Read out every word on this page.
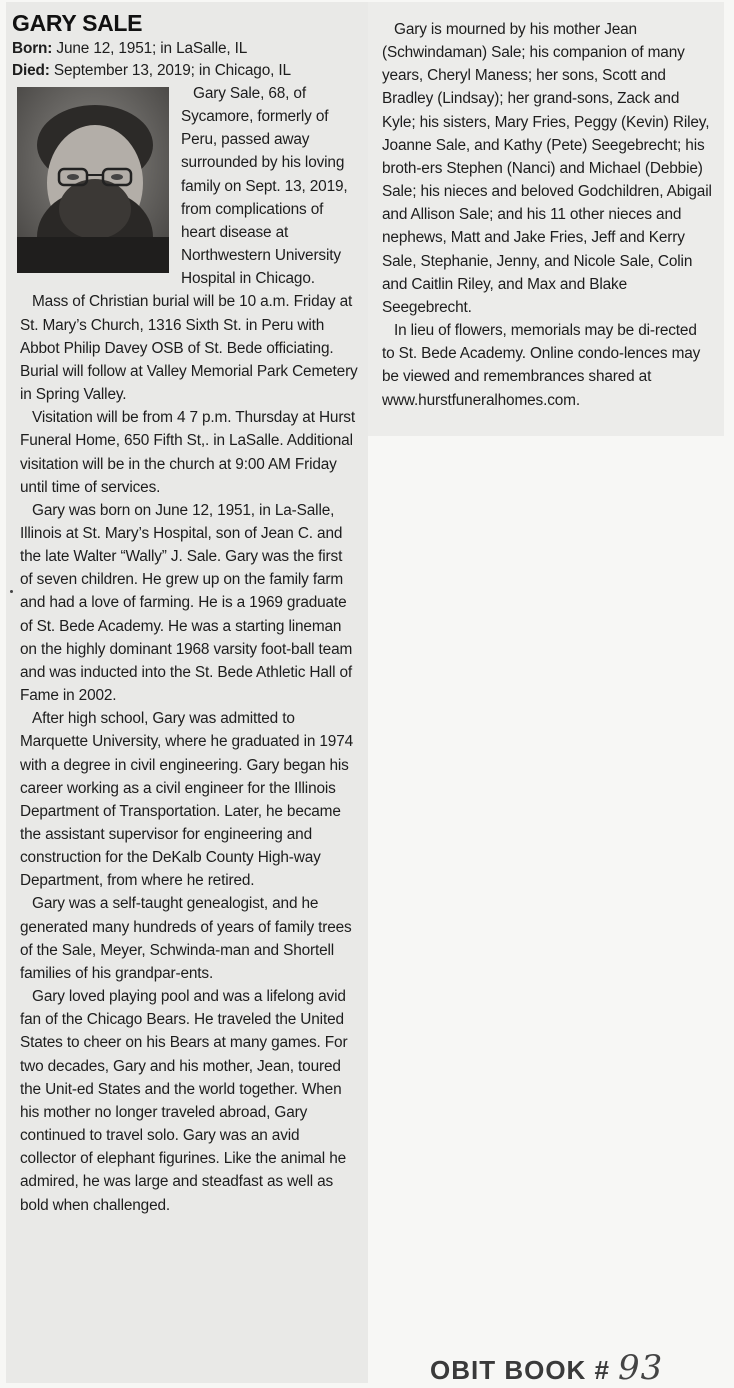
GARY SALE
Born: June 12, 1951; in LaSalle, IL
Died: September 13, 2019; in Chicago, IL

Gary Sale, 68, of Sycamore, formerly of Peru, passed away surrounded by his loving family on Sept. 13, 2019, from complications of heart disease at Northwestern University Hospital in Chicago.

Mass of Christian burial will be 10 a.m. Friday at St. Mary’s Church, 1316 Sixth St. in Peru with Abbot Philip Davey OSB of St. Bede officiating. Burial will follow at Valley Memorial Park Cemetery in Spring Valley.

Visitation will be from 4 7 p.m. Thursday at Hurst Funeral Home, 650 Fifth St,. in LaSalle. Additional visitation will be in the church at 9:00 AM Friday until time of services.

Gary was born on June 12, 1951, in La-Salle, Illinois at St. Mary’s Hospital, son of Jean C. and the late Walter “Wally” J. Sale. Gary was the first of seven children. He grew up on the family farm and had a love of farming. He is a 1969 graduate of St. Bede Academy. He was a starting lineman on the highly dominant 1968 varsity foot-ball team and was inducted into the St. Bede Athletic Hall of Fame in 2002.

After high school, Gary was admitted to Marquette University, where he graduated in 1974 with a degree in civil engineering. Gary began his career working as a civil engineer for the Illinois Department of Transportation. Later, he became the assistant supervisor for engineering and construction for the DeKalb County High-way Department, from where he retired.

Gary was a self-taught genealogist, and he generated many hundreds of years of family trees of the Sale, Meyer, Schwinda-man and Shortell families of his grandpar-ents.

Gary loved playing pool and was a lifelong avid fan of the Chicago Bears. He traveled the United States to cheer on his Bears at many games. For two decades, Gary and his mother, Jean, toured the Unit-ed States and the world together. When his mother no longer traveled abroad, Gary continued to travel solo. Gary was an avid collector of elephant figurines. Like the animal he admired, he was large and steadfast as well as bold when challenged.

Gary is mourned by his mother Jean (Schwindaman) Sale; his companion of many years, Cheryl Maness; her sons, Scott and Bradley (Lindsay); her grand-sons, Zack and Kyle; his sisters, Mary Fries, Peggy (Kevin) Riley, Joanne Sale, and Kathy (Pete) Seegebrecht; his broth-ers Stephen (Nanci) and Michael (Debbie) Sale; his nieces and beloved Godchildren, Abigail and Allison Sale; and his 11 other nieces and nephews, Matt and Jake Fries, Jeff and Kerry Sale, Stephanie, Jenny, and Nicole Sale, Colin and Caitlin Riley, and Max and Blake Seegebrecht.

In lieu of flowers, memorials may be di-rected to St. Bede Academy. Online condo-lences may be viewed and remembrances shared at www.hurstfuneralhomes.com.

OBIT BOOK # 93
